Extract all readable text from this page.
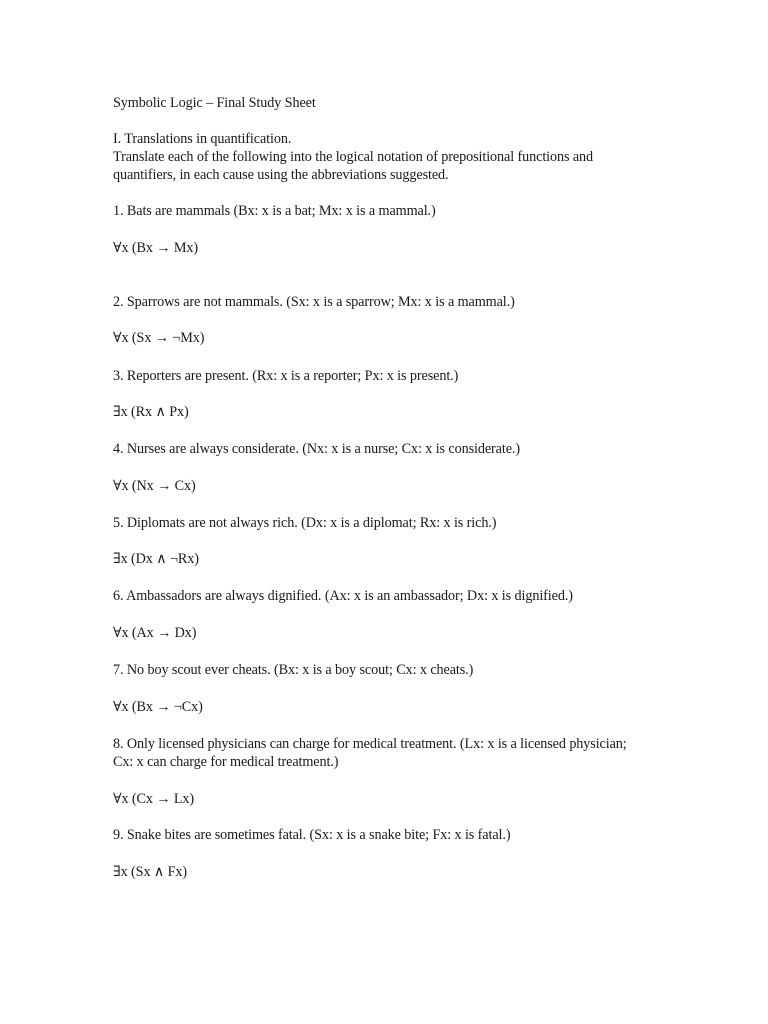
Symbolic Logic – Final Study Sheet
I. Translations in quantification.
Translate each of the following into the logical notation of prepositional functions and quantifiers, in each cause using the abbreviations suggested.
1. Bats are mammals (Bx: x is a bat; Mx: x is a mammal.)
∀x (Bx → Mx)
2. Sparrows are not mammals. (Sx: x is a sparrow; Mx: x is a mammal.)
∀x (Sx → ¬Mx)
3. Reporters are present. (Rx: x is a reporter; Px: x is present.)
∃x (Rx ∧ Px)
4. Nurses are always considerate. (Nx: x is a nurse; Cx: x is considerate.)
∀x (Nx → Cx)
5. Diplomats are not always rich. (Dx: x is a diplomat; Rx: x is rich.)
∃x (Dx ∧ ¬Rx)
6. Ambassadors are always dignified. (Ax: x is an ambassador; Dx: x is dignified.)
∀x (Ax → Dx)
7. No boy scout ever cheats. (Bx: x is a boy scout; Cx: x cheats.)
∀x (Bx → ¬Cx)
8. Only licensed physicians can charge for medical treatment. (Lx: x is a licensed physician; Cx: x can charge for medical treatment.)
∀x (Cx → Lx)
9. Snake bites are sometimes fatal. (Sx: x is a snake bite; Fx: x is fatal.)
∃x (Sx ∧ Fx)
